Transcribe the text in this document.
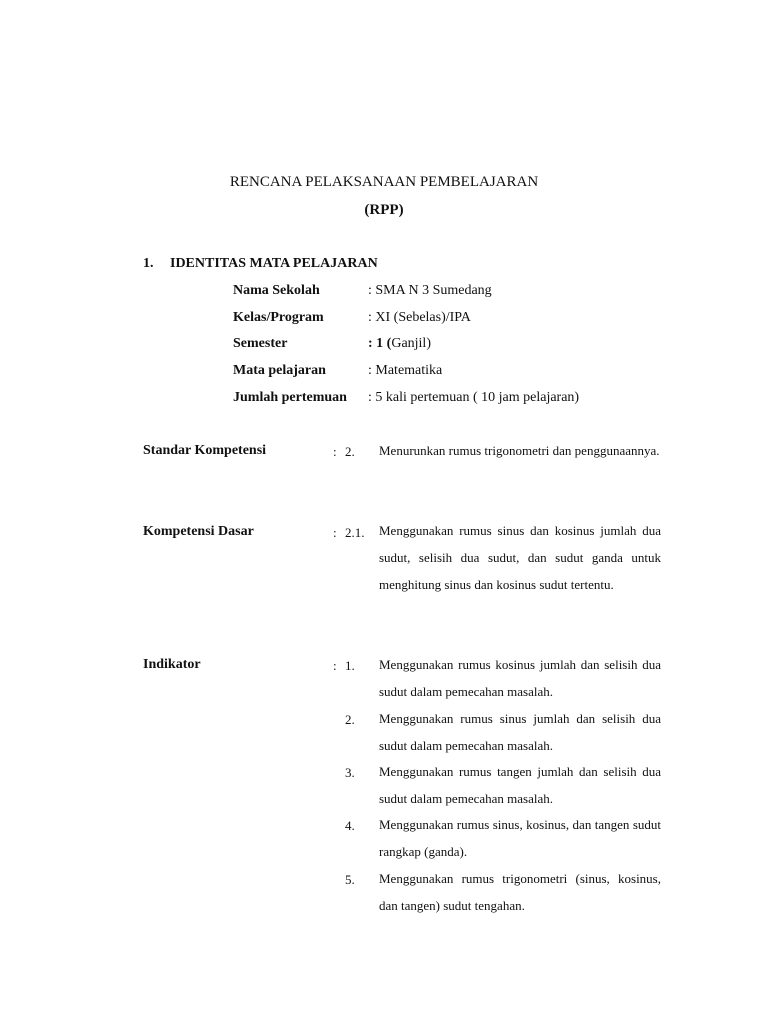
RENCANA PELAKSANAAN PEMBELAJARAN
(RPP)
1. IDENTITAS MATA PELAJARAN
Nama Sekolah	: SMA N 3 Sumedang
Kelas/Program	: XI (Sebelas)/IPA
Semester	: 1 (Ganjil)
Mata pelajaran	: Matematika
Jumlah pertemuan : 5 kali pertemuan ( 10 jam pelajaran)
Standar Kompetensi	: 2. Menurunkan rumus trigonometri dan penggunaannya.
Kompetensi Dasar	: 2.1. Menggunakan rumus sinus dan kosinus jumlah dua sudut, selisih dua sudut, dan sudut ganda untuk menghitung sinus dan kosinus sudut tertentu.
Indikator	: 1. Menggunakan rumus kosinus jumlah dan selisih dua sudut dalam pemecahan masalah.
2. Menggunakan rumus sinus jumlah dan selisih dua sudut dalam pemecahan masalah.
3. Menggunakan rumus tangen jumlah dan selisih dua sudut dalam pemecahan masalah.
4. Menggunakan rumus sinus, kosinus, dan tangen sudut rangkap (ganda).
5. Menggunakan rumus trigonometri (sinus, kosinus, dan tangen) sudut tengahan.
